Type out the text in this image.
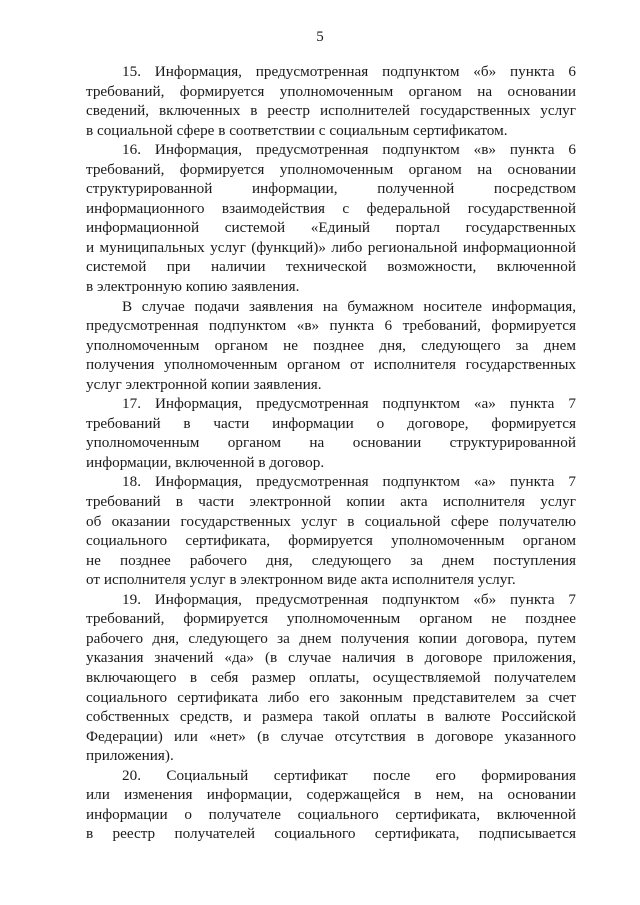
5
15. Информация, предусмотренная подпунктом «б» пункта 6
требований, формируется уполномоченным органом на основании
сведений, включенных в реестр исполнителей государственных услуг
в социальной сфере в соответствии с социальным сертификатом.
16. Информация, предусмотренная подпунктом «в» пункта 6
требований, формируется уполномоченным органом на основании
структурированной информации, полученной посредством
информационного взаимодействия с федеральной государственной
информационной системой «Единый портал государственных
и муниципальных услуг (функций)» либо региональной информационной
системой при наличии технической возможности, включенной
в электронную копию заявления.
В случае подачи заявления на бумажном носителе информация,
предусмотренная подпунктом «в» пункта 6 требований, формируется
уполномоченным органом не позднее дня, следующего за днем
получения уполномоченным органом от исполнителя государственных
услуг электронной копии заявления.
17. Информация, предусмотренная подпунктом «а» пункта 7
требований в части информации о договоре, формируется
уполномоченным органом на основании структурированной
информации, включенной в договор.
18. Информация, предусмотренная подпунктом «а» пункта 7
требований в части электронной копии акта исполнителя услуг
об оказании государственных услуг в социальной сфере получателю
социального сертификата, формируется уполномоченным органом
не позднее рабочего дня, следующего за днем поступления
от исполнителя услуг в электронном виде акта исполнителя услуг.
19. Информация, предусмотренная подпунктом «б» пункта 7
требований, формируется уполномоченным органом не позднее
рабочего дня, следующего за днем получения копии договора, путем
указания значений «да» (в случае наличия в договоре приложения,
включающего в себя размер оплаты, осуществляемой получателем
социального сертификата либо его законным представителем за счет
собственных средств, и размера такой оплаты в валюте Российской
Федерации) или «нет» (в случае отсутствия в договоре указанного
приложения).
20. Социальный сертификат после его формирования
или изменения информации, содержащейся в нем, на основании
информации о получателе социального сертификата, включенной
в реестр получателей социального сертификата, подписывается
